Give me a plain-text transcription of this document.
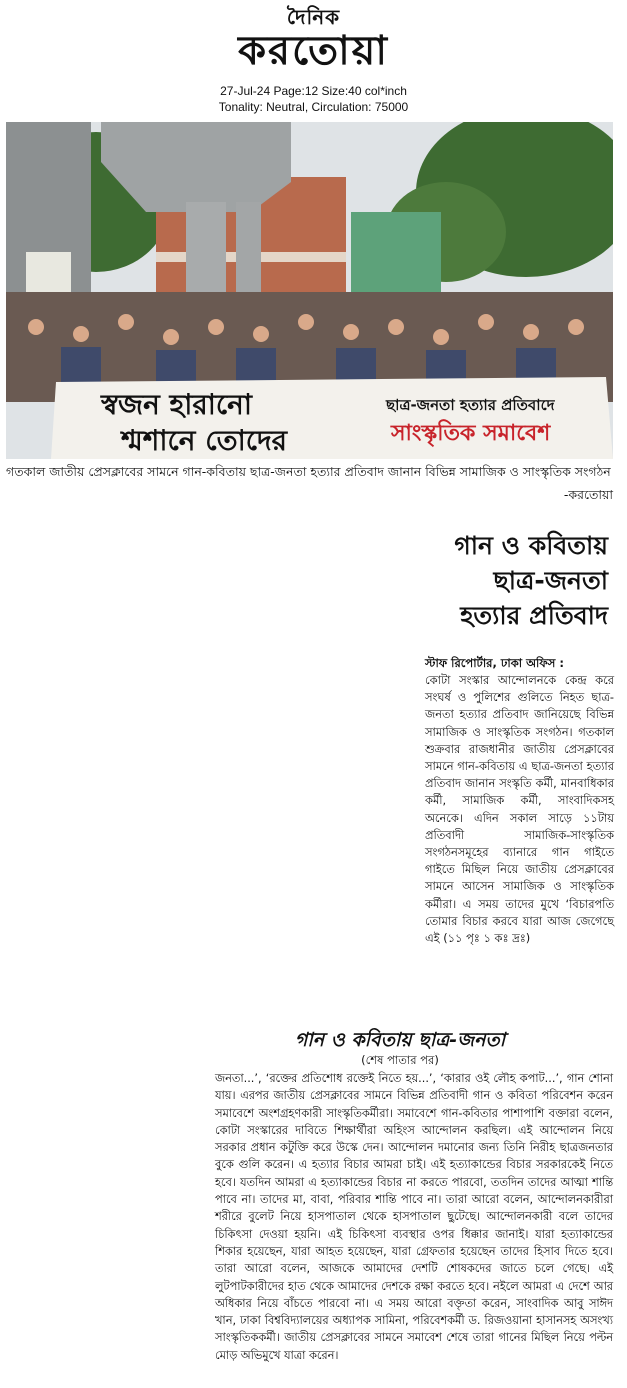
দৈনিক
করতোয়া
27-Jul-24 Page:12 Size:40 col*inch
Tonality: Neutral, Circulation: 75000
স্বজন হারানো
শ্মশানে তোদের
ছাত্র-জনতা হত্যার প্রতিবাদে
সাংস্কৃতিক সমাবেশ
গতকাল জাতীয় প্রেসক্লাবের সামনে গান-কবিতায় ছাত্র-জনতা হত্যার প্রতিবাদ জানান বিভিন্ন সামাজিক ও সাংস্কৃতিক সংগঠন
-করতোয়া
গান ও কবিতায়
ছাত্র-জনতা
হত্যার প্রতিবাদ
স্টাফ রিপোর্টার, ঢাকা অফিস :
কোটা সংস্কার আন্দোলনকে কেন্দ্র করে সংঘর্ষ ও পুলিশের গুলিতে নিহত ছাত্র-জনতা হত্যার প্রতিবাদ জানিয়েছে বিভিন্ন সামাজিক ও সাংস্কৃতিক সংগঠন। গতকাল শুক্রবার রাজধানীর জাতীয় প্রেসক্লাবের সামনে গান-কবিতায় এ ছাত্র-জনতা হত্যার প্রতিবাদ জানান সংস্কৃতি কর্মী, মানবাধিকার কর্মী, সামাজিক কর্মী, সাংবাদিকসহ অনেকে। এদিন সকাল সাড়ে ১১টায় প্রতিবাদী সামাজিক-সাংস্কৃতিক সংগঠনসমূহের ব্যানারে গান গাইতে গাইতে মিছিল নিয়ে জাতীয় প্রেসক্লাবের সামনে আসেন সামাজিক ও সাংস্কৃতিক কর্মীরা। এ সময় তাদের মুখে ‘বিচারপতি তোমার বিচার করবে যারা আজ জেগেছে এই (১১ পৃঃ ১ কঃ দ্রঃ)
গান ও কবিতায় ছাত্র-জনতা
(শেষ পাতার পর)
জনতা...’, ‘রক্তের প্রতিশোধ রক্তেই নিতে হয়...’, ‘কারার ওই লৌহ কপাট...’, গান শোনা যায়। এরপর জাতীয় প্রেসক্লাবের সামনে বিভিন্ন প্রতিবাদী গান ও কবিতা পরিবেশন করেন সমাবেশে অংশগ্রহণকারী সাংস্কৃতিকর্মীরা। সমাবেশে গান-কবিতার পাশাপাশি বক্তারা বলেন, কোটা সংস্কারের দাবিতে শিক্ষার্থীরা অহিংস আন্দোলন করছিল। এই আন্দোলন নিয়ে সরকার প্রধান কটুক্তি করে উস্কে দেন। আন্দোলন দমানোর জন্য তিনি নিরীহ ছাত্রজনতার বুকে গুলি করেন। এ হত্যার বিচার আমরা চাই। এই হত্যাকান্ডের বিচার সরকারকেই নিতে হবে। যতদিন আমরা এ হত্যাকান্ডের বিচার না করতে পারবো, ততদিন তাদের আত্মা শান্তি পাবে না। তাদের মা, বাবা, পরিবার শান্তি পাবে না। তারা আরো বলেন, আন্দোলনকারীরা শরীরে বুলেট নিয়ে হাসপাতাল থেকে হাসপাতাল ছুটেছে। আন্দোলনকারী বলে তাদের চিকিৎসা দেওয়া হয়নি। এই চিকিৎসা ব্যবস্থার ওপর ধিক্কার জানাই। যারা হত্যাকান্ডের শিকার হয়েছেন, যারা আহত হয়েছেন, যারা গ্রেফতার হয়েছেন তাদের হিসাব দিতে হবে। তারা আরো বলেন, আজকে আমাদের দেশটি শোষকদের জাতে চলে গেছে। এই লুটপাটকারীদের হাত থেকে আমাদের দেশকে রক্ষা করতে হবে। নইলে আমরা এ দেশে আর অধিকার নিয়ে বাঁচতে পারবো না। এ সময় আরো বক্তৃতা করেন, সাংবাদিক আবু সাঈদ খান, ঢাকা বিশ্ববিদ্যালয়ের অধ্যাপক সামিনা, পরিবেশকর্মী ড. রিজওয়ানা হাসানসহ অসংখ্য সাংস্কৃতিককর্মী। জাতীয় প্রেসক্লাবের সামনে সমাবেশ শেষে তারা গানের মিছিল নিয়ে পল্টন মোড় অভিমুখে যাত্রা করেন।
